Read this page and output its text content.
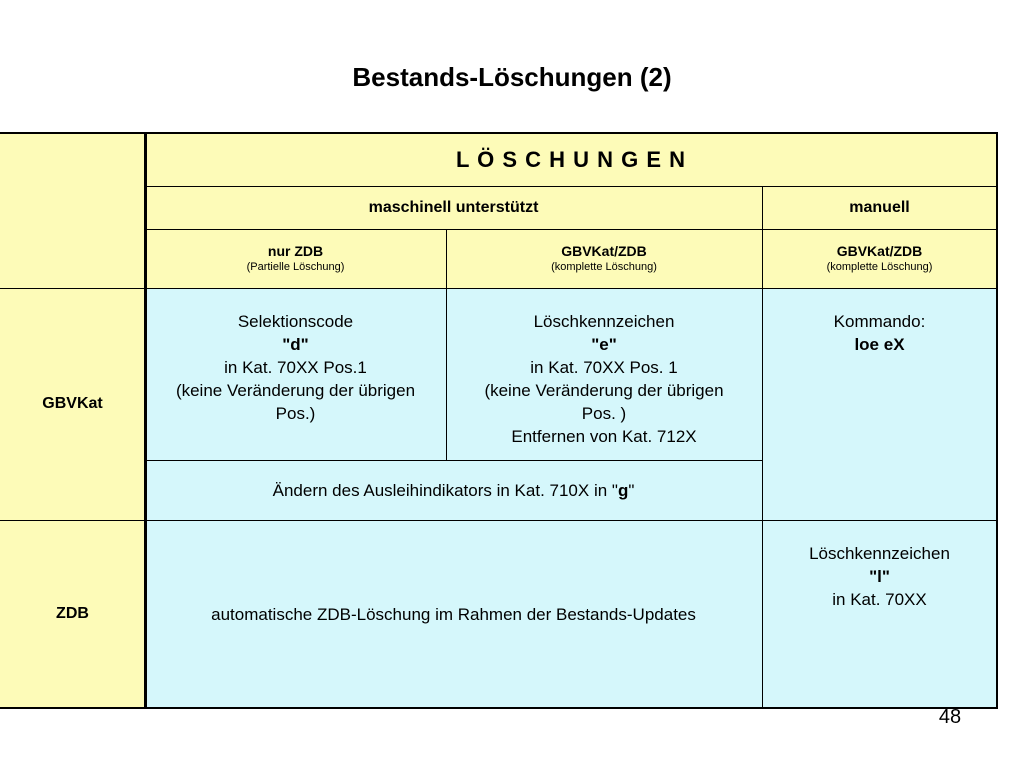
Bestands-Löschungen (2)
GBVKat
ZDB
L Ö S C H U N G E N
maschinell unterstützt	manuell
nur ZDB
(Partielle Löschung)
GBVKat/ZDB
(komplette Löschung)
GBVKat/ZDB
(komplette Löschung)
Selektionscode
"d"
in Kat. 70XX Pos.1
(keine Veränderung der übrigen
Pos.)
Löschkennzeichen
"e"
in Kat. 70XX Pos. 1
(keine Veränderung der übrigen
Pos. )
Entfernen von Kat. 712X
Kommando:
loe eX
Ändern des Ausleihindikators in Kat. 710X in "g"
automatische ZDB-Löschung im Rahmen der Bestands-Updates
Löschkennzeichen
"l"
in Kat. 70XX
48
